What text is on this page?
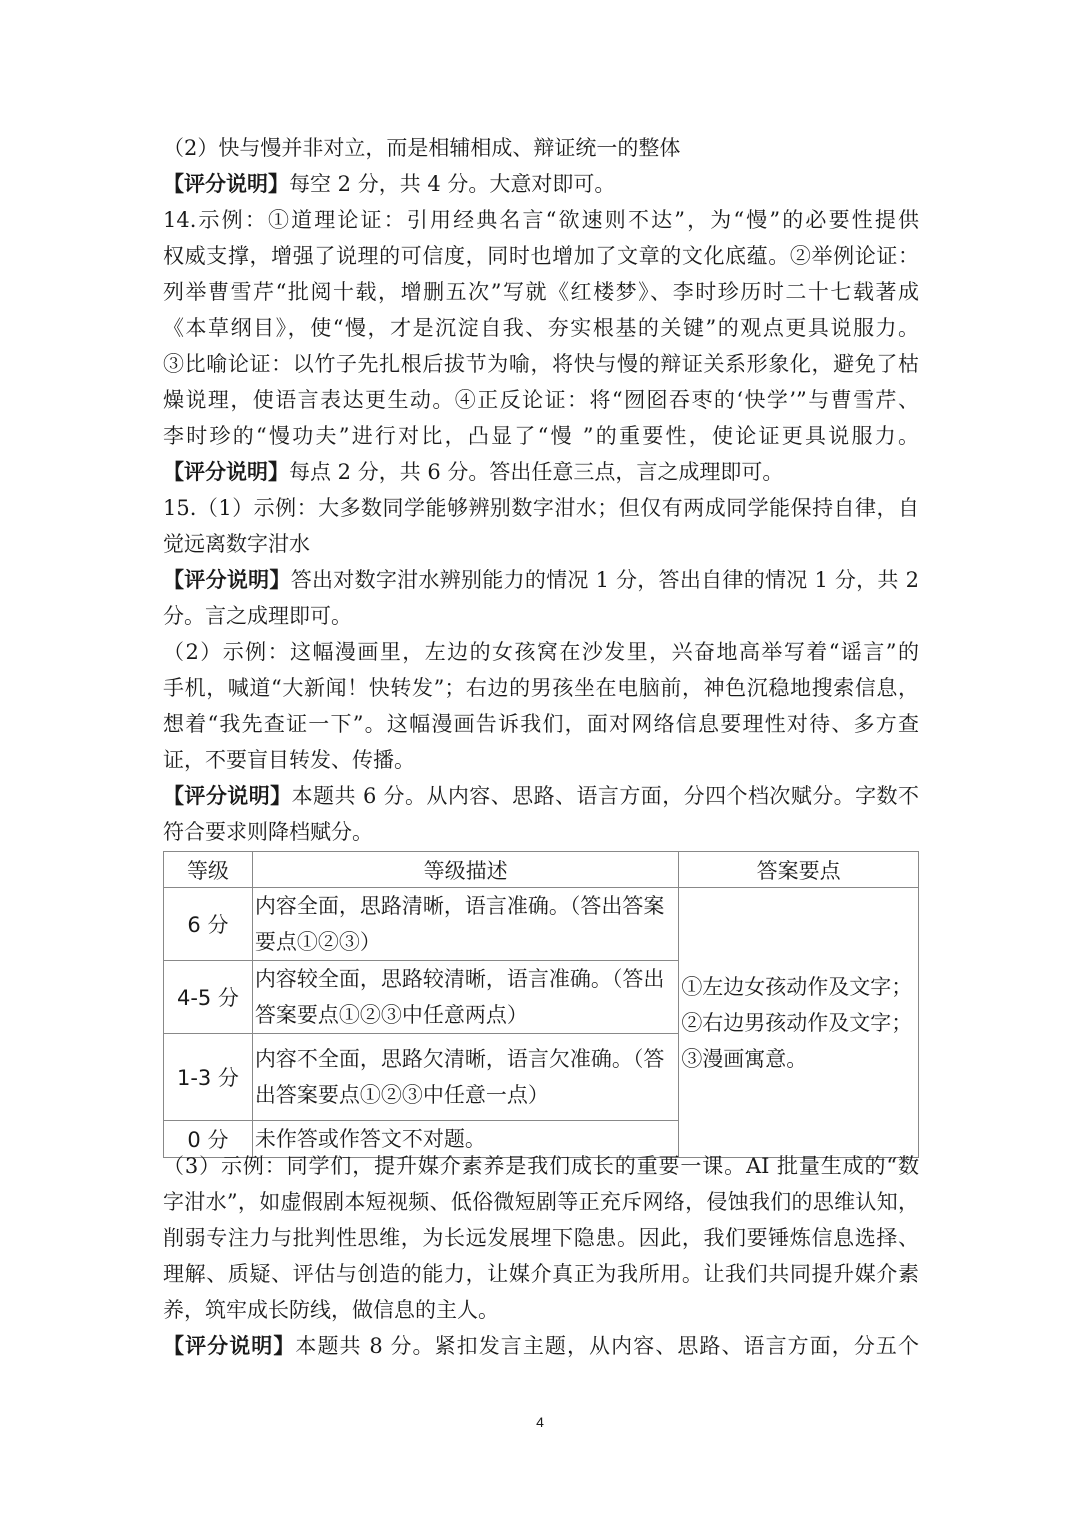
（2）快与慢并非对立，而是相辅相成、辩证统一的整体
【评分说明】每空 2 分，共 4 分。大意对即可。
14.示例：①道理论证：引用经典名言“欲速则不达”，为“慢”的必要性提供
权威支撑，增强了说理的可信度，同时也增加了文章的文化底蕴。②举例论证：
列举曹雪芹“批阅十载，增删五次”写就《红楼梦》、李时珍历时二十七载著成
《本草纲目》，使“慢，才是沉淀自我、夯实根基的关键”的观点更具说服力。
③比喻论证：以竹子先扎根后拔节为喻，将快与慢的辩证关系形象化，避免了枯
燥说理，使语言表达更生动。④正反论证：将“囫囵吞枣的‘快学’”与曹雪芹、
李时珍的“慢功夫”进行对比，凸显了“慢 ”的重要性，使论证更具说服力。
【评分说明】每点 2 分，共 6 分。答出任意三点，言之成理即可。
15.（1）示例：大多数同学能够辨别数字泔水；但仅有两成同学能保持自律，自
觉远离数字泔水
【评分说明】答出对数字泔水辨别能力的情况 1 分，答出自律的情况 1 分，共 2
分。言之成理即可。
（2）示例：这幅漫画里，左边的女孩窝在沙发里，兴奋地高举写着“谣言”的
手机，喊道“大新闻！快转发”；右边的男孩坐在电脑前，神色沉稳地搜索信息，
想着“我先查证一下”。这幅漫画告诉我们，面对网络信息要理性对待、多方查
证，不要盲目转发、传播。
【评分说明】本题共 6 分。从内容、思路、语言方面，分四个档次赋分。字数不
符合要求则降档赋分。
等级	等级描述	答案要点
6 分	内容全面，思路清晰，语言准确。（答出答案要点①②③）	①左边女孩动作及文字；
②右边男孩动作及文字；
③漫画寓意。

4-5 分	内容较全面，思路较清晰，语言准确。（答出答案要点①②③中任意两点）	
1-3 分	内容不全面，思路欠清晰，语言欠准确。（答出答案要点①②③中任意一点）	
0 分	未作答或作答文不对题。	
（3）示例：同学们，提升媒介素养是我们成长的重要一课。AI 批量生成的“数
字泔水”，如虚假剧本短视频、低俗微短剧等正充斥网络，侵蚀我们的思维认知，
削弱专注力与批判性思维，为长远发展埋下隐患。因此，我们要锤炼信息选择、
理解、质疑、评估与创造的能力，让媒介真正为我所用。让我们共同提升媒介素
养，筑牢成长防线，做信息的主人。
【评分说明】本题共 8 分。紧扣发言主题，从内容、思路、语言方面，分五个
4
